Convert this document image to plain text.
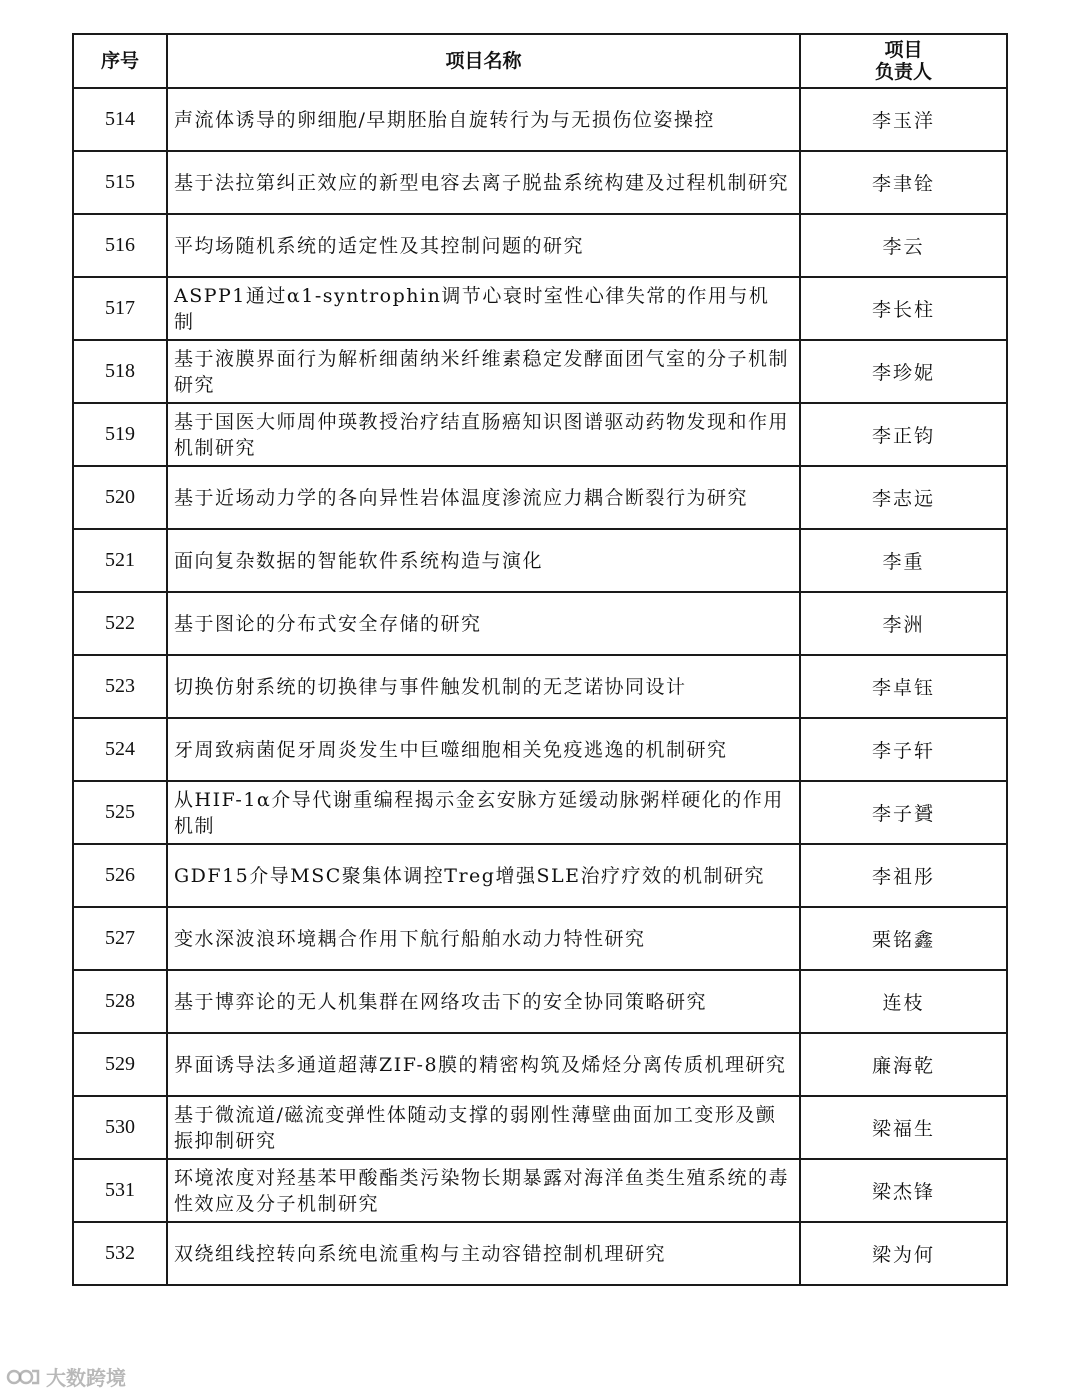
序号	项目名称	项目
负责人

514	声流体诱导的卵细胞/早期胚胎自旋转行为与无损伤位姿操控	李玉洋
515	基于法拉第纠正效应的新型电容去离子脱盐系统构建及过程机制研究	李聿铨
516	平均场随机系统的适定性及其控制问题的研究	李云
517	ASPP1通过α1-syntrophin调节心衰时室性心律失常的作用与机制	李长柱
518	基于液膜界面行为解析细菌纳米纤维素稳定发酵面团气室的分子机制研究	李珍妮
519	基于国医大师周仲瑛教授治疗结直肠癌知识图谱驱动药物发现和作用机制研究	李正钧
520	基于近场动力学的各向异性岩体温度渗流应力耦合断裂行为研究	李志远
521	面向复杂数据的智能软件系统构造与演化	李重
522	基于图论的分布式安全存储的研究	李洲
523	切换仿射系统的切换律与事件触发机制的无芝诺协同设计	李卓钰
524	牙周致病菌促牙周炎发生中巨噬细胞相关免疫逃逸的机制研究	李子轩
525	从HIF-1α介导代谢重编程揭示金玄安脉方延缓动脉粥样硬化的作用机制	李子贇
526	GDF15介导MSC聚集体调控Treg增强SLE治疗疗效的机制研究	李祖彤
527	变水深波浪环境耦合作用下航行船舶水动力特性研究	栗铭鑫
528	基于博弈论的无人机集群在网络攻击下的安全协同策略研究	连枝
529	界面诱导法多通道超薄ZIF-8膜的精密构筑及烯烃分离传质机理研究	廉海乾
530	基于微流道/磁流变弹性体随动支撑的弱刚性薄壁曲面加工变形及颤振抑制研究	梁福生
531	环境浓度对羟基苯甲酸酯类污染物长期暴露对海洋鱼类生殖系统的毒性效应及分子机制研究	梁杰锋
532	双绕组线控转向系统电流重构与主动容错控制机理研究	梁为何
大数跨境
